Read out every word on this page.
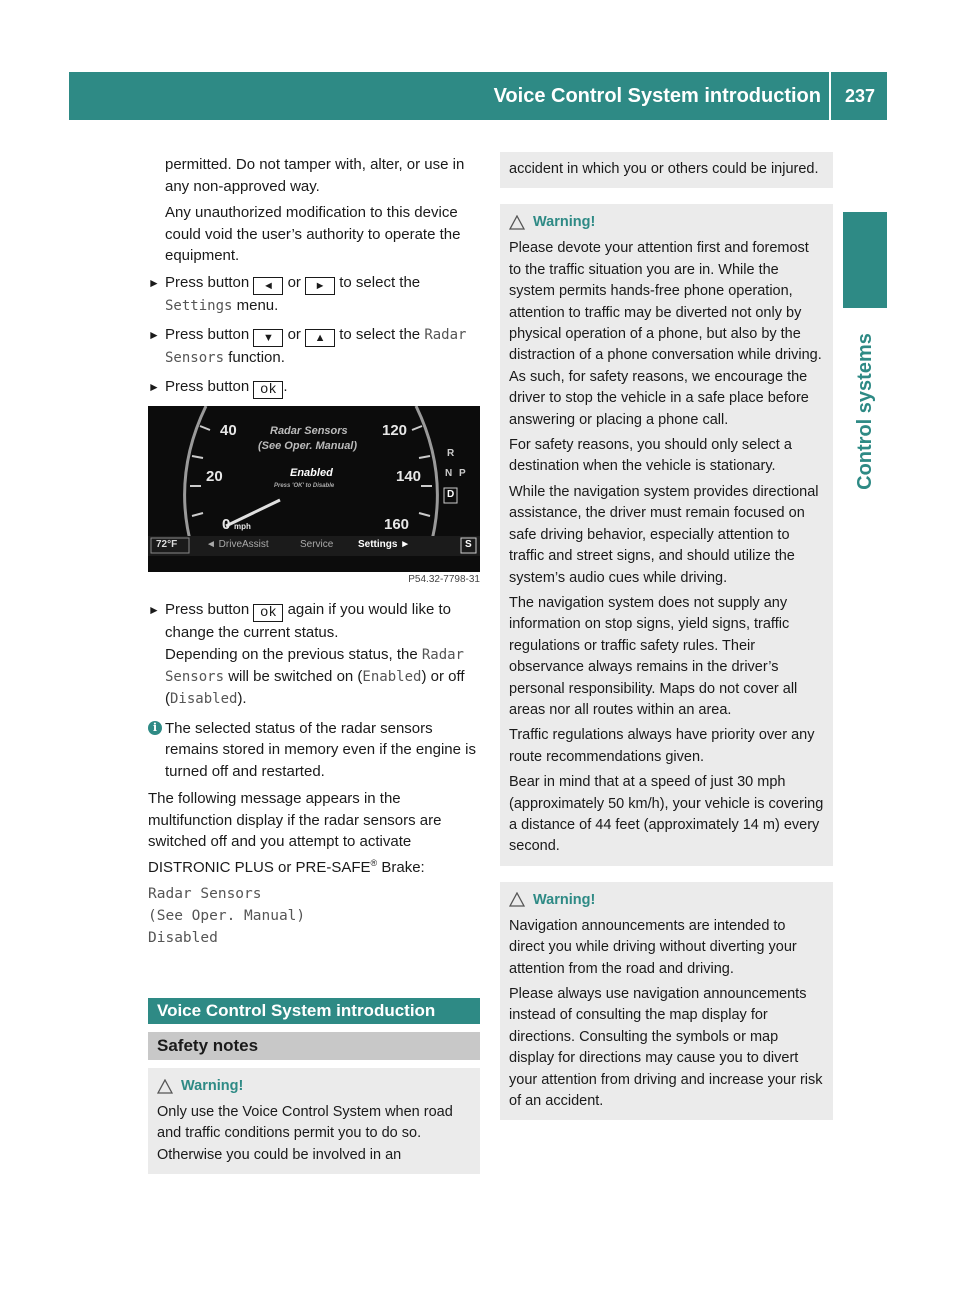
Voice Control System introduction	237
Control systems

permitted. Do not tamper with, alter, or use in any non-approved way.

Any unauthorized modification to this device could void the user’s authority to operate the equipment.

► Press button ◄ or ► to select the Settings menu.
► Press button ▼ or ▲ to select the Radar Sensors function.
► Press button ok .
40	120
20	140
0 mph	160
Radar Sensors
(See Oper. Manual)
Enabled
Press 'OK' to Disable
R
N P
D
72°F	◄ DriveAssist	Service Settings ►	S
P54.32-7798-31
► Press button ok again if you would like to change the current status.
Depending on the previous status, the Radar Sensors will be switched on (Enabled) or off (Disabled).
i The selected status of the radar sensors remains stored in memory even if the engine is turned off and restarted.

The following message appears in the multifunction display if the radar sensors are switched off and you attempt to activate DISTRONIC PLUS or PRE-SAFE® Brake:

Radar Sensors

(See Oper. Manual)

Disabled

Voice Control System introduction
Safety notes
Warning!

Only use the Voice Control System when road and traffic conditions permit you to do so. Otherwise you could be involved in an

accident in which you or others could be injured.

Warning!

Please devote your attention first and foremost to the traffic situation you are in. While the system permits hands-free phone operation, attention to traffic may be diverted not only by physical operation of a phone, but also by the distraction of a phone conversation while driving. As such, for safety reasons, we encourage the driver to stop the vehicle in a safe place before answering or placing a phone call.

For safety reasons, you should only select a destination when the vehicle is stationary.

While the navigation system provides directional assistance, the driver must remain focused on safe driving behavior, especially attention to traffic and street signs, and should utilize the system’s audio cues while driving.

The navigation system does not supply any information on stop signs, yield signs, traffic regulations or traffic safety rules. Their observance always remains in the driver’s personal responsibility. Maps do not cover all areas nor all routes within an area.

Traffic regulations always have priority over any route recommendations given.

Bear in mind that at a speed of just 30 mph (approximately 50 km/h), your vehicle is covering a distance of 44 feet (approximately 14 m) every second.

Warning!

Navigation announcements are intended to direct you while driving without diverting your attention from the road and driving.

Please always use navigation announcements instead of consulting the map display for directions. Consulting the symbols or map display for directions may cause you to divert your attention from driving and increase your risk of an accident.
